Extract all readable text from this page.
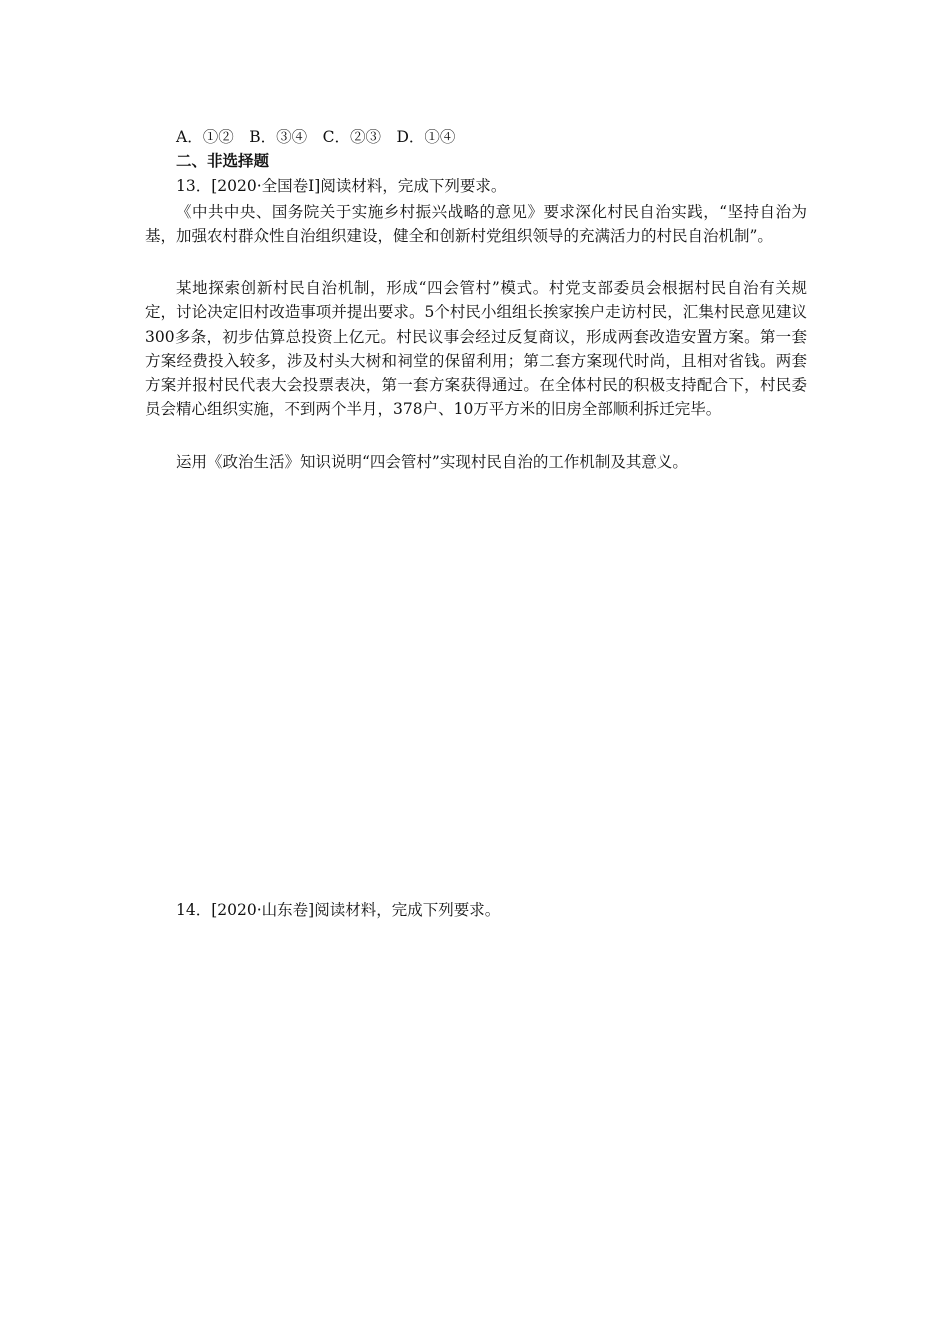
A．①②　B．③④　C．②③　D．①④
二、非选择题
13．[2020·全国卷Ⅰ]阅读材料，完成下列要求。
《中共中央、国务院关于实施乡村振兴战略的意见》要求深化村民自治实践，“坚持自治为基，加强农村群众性自治组织建设，健全和创新村党组织领导的充满活力的村民自治机制”。
某地探索创新村民自治机制，形成“四会管村”模式。村党支部委员会根据村民自治有关规定，讨论决定旧村改造事项并提出要求。5个村民小组组长挨家挨户走访村民，汇集村民意见建议300多条，初步估算总投资上亿元。村民议事会经过反复商议，形成两套改造安置方案。第一套方案经费投入较多，涉及村头大树和祠堂的保留利用；第二套方案现代时尚，且相对省钱。两套方案并报村民代表大会投票表决，第一套方案获得通过。在全体村民的积极支持配合下，村民委员会精心组织实施，不到两个半月，378户、10万平方米的旧房全部顺利拆迁完毕。
运用《政治生活》知识说明“四会管村”实现村民自治的工作机制及其意义。
14．[2020·山东卷]阅读材料，完成下列要求。
